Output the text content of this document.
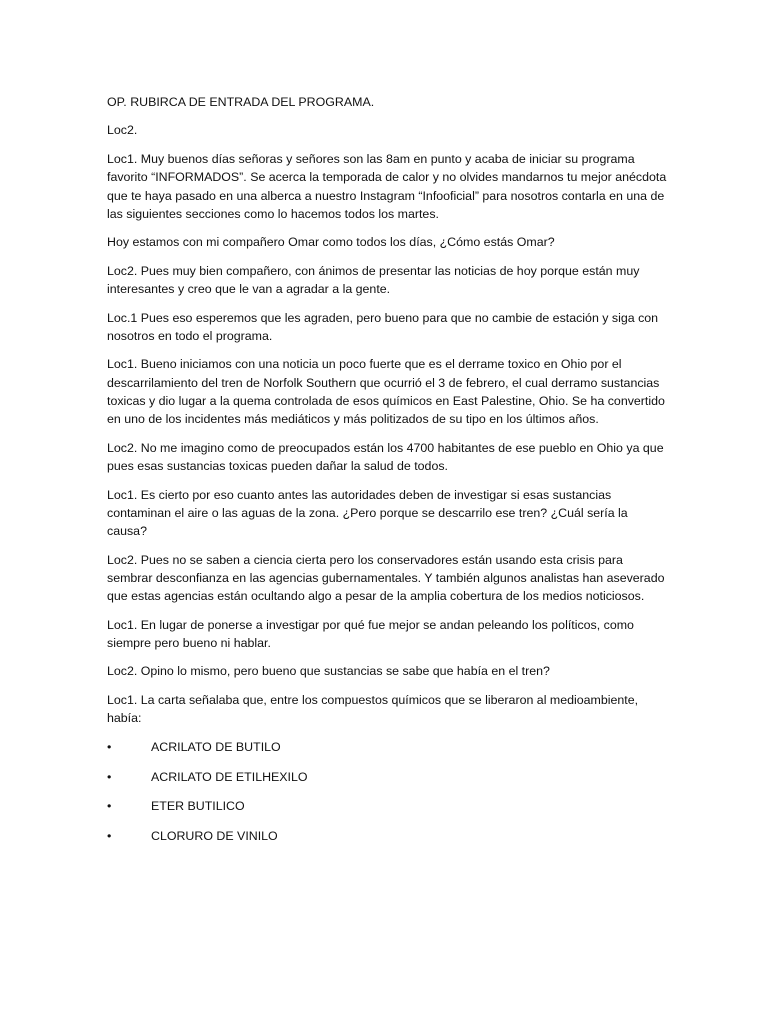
OP. RUBIRCA DE ENTRADA DEL PROGRAMA.

Loc2.

Loc1. Muy buenos días señoras y señores son las 8am en punto y acaba de iniciar su programa favorito “INFORMADOS”. Se acerca la temporada de calor y no olvides mandarnos tu mejor anécdota que te haya pasado en una alberca a nuestro Instagram “Infooficial” para nosotros contarla en una de las siguientes secciones como lo hacemos todos los martes.

Hoy estamos con mi compañero Omar como todos los días, ¿Cómo estás Omar?

Loc2. Pues muy bien compañero, con ánimos de presentar las noticias de hoy porque están muy interesantes y creo que le van a agradar a la gente.

Loc.1 Pues eso esperemos que les agraden, pero bueno para que no cambie de estación y siga con nosotros en todo el programa.

Loc1. Bueno iniciamos con una noticia un poco fuerte que es el derrame toxico en Ohio por el descarrilamiento del tren de Norfolk Southern que ocurrió el 3 de febrero, el cual derramo sustancias toxicas y dio lugar a la quema controlada de esos químicos en East Palestine, Ohio. Se ha convertido en uno de los incidentes más mediáticos y más politizados de su tipo en los últimos años.

Loc2. No me imagino como de preocupados están los 4700 habitantes de ese pueblo en Ohio ya que pues esas sustancias toxicas pueden dañar la salud de todos.

Loc1. Es cierto por eso cuanto antes las autoridades deben de investigar si esas sustancias contaminan el aire o las aguas de la zona. ¿Pero porque se descarrilo ese tren? ¿Cuál sería la causa?

Loc2. Pues no se saben a ciencia cierta pero los conservadores están usando esta crisis para sembrar desconfianza en las agencias gubernamentales. Y también algunos analistas han aseverado que estas agencias están ocultando algo a pesar de la amplia cobertura de los medios noticiosos.

Loc1. En lugar de ponerse a investigar por qué fue mejor se andan peleando los políticos, como siempre pero bueno ni hablar.

Loc2. Opino lo mismo, pero bueno que sustancias se sabe que había en el tren?

Loc1. La carta señalaba que, entre los compuestos químicos que se liberaron al medioambiente, había:

•	ACRILATO DE BUTILO
•	ACRILATO DE ETILHEXILO
•	ETER BUTILICO
•	CLORURO DE VINILO
